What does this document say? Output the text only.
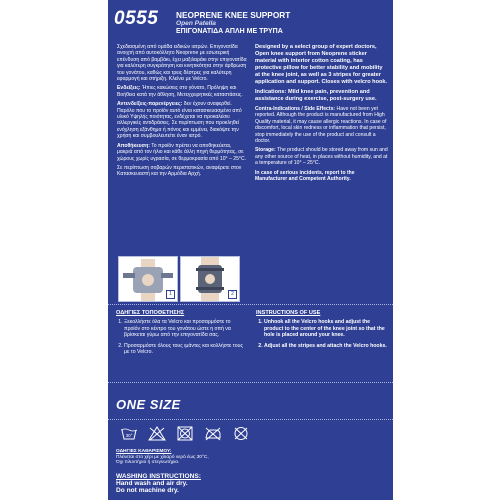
0555 NEOPRENE KNEE SUPPORT
Open Patella
ΕΠΙΓΟΝΑΤΙΔΑ ΑΠΛΗ ΜΕ ΤΡΥΠΑ

Σχεδιασμένη από ομάδα ειδικών ιατρών. Επιγονατίδα ανοιχτή από αυτοκόλλητο Neoprene με εσωτερική επένδυση από βαμβάκι, έχει μαξιλαράκι στην επιγονατίδα για καλύτερη συγκράτηση και κινητικότητα στην άρθρωση του γονάτου, καθώς και τρεις δέστρες για καλύτερη εφαρμογή και στήριξη. Κλείνει με Velcro.

Ενδείξεις: Ήπιες κακώσεις στο γόνατο, Πρόληψη και Βοήθεια κατά την άθληση, Μετεγχειρητικές καταστάσεις.

Αντενδείξεις-παρενέργειες: δεν έχουν αναφερθεί. Παρόλο που το προϊόν αυτό είναι κατασκευασμένο από υλικό Υψηλής ποιότητας, ενδέχεται να προκαλέσει αλλεργικές αντιδράσεις. Σε περίπτωση που προκληθεί ενόχληση εξάνθημα ή πόνος και εμμένει, διακόψτε την χρήση και συμβουλευτείτε έναν ιατρό.

Αποθήκευση: Το προϊόν πρέπει να αποθηκεύεται, μακριά από τον ήλιο και κάθε άλλη πηγή θερμότητας, σε χώρους χωρίς υγρασία, σε θερμοκρασία από 10° – 25°C.

Σε περίπτωση σοβαρών περιστατικών, αναφέρετε στον Κατασκευαστή και την Αρμόδια Αρχή.

Designed by a select group of expert doctors, Open knee support from Neoprene sticker material with interior cotton coating, has protective pillow for better stability and mobility at the knee joint, as well as 3 stripes for greater application and support. Closes with velcro hook.

Indications: Mild knee pain, prevention and assistance during exercise, post-surgery use.

Contra-Indications / Side Effects: Have not been yet reported. Although the product is manufactured from High Quality material, it may cause allergic reactions. In case of discomfort, local skin redness or inflammation that persist, stop immediately the use of the product and consult a doctor.

Storage: The product should be stored away from sun and any other source of heat, in places without humidity, and at a temperature of 10° – 25°C.

In case of serious incidents, report to the Manufacturer and Competent Authority.

1	2
ΟΔΗΓΙΕΣ ΤΟΠΟΘΕΤΗΣΗΣ
1. Ξεκολλήστε όλα τα Velcro και προσαρμόστε το προϊόν στο κέντρο του γονάτου ώστε η οπή να βρίσκεται γύρω από την επιγονατίδα σας.
2. Προσαρμόστε όλους τους ιμάντες και κολλήστε τους με το Velcro.
INSTRUCTIONS OF USE
1. Unhook all the Velcro hooks and adjust the product to the center of the knee joint so that the hole is placed around your knee.
2. Adjust all the stripes and attach the Velcro hooks.
ONE SIZE
30°
ΟΔΗΓΙΕΣ ΚΑΘΑΡΙΣΜΟΥ:
Πλένεται στο χέρι με χλιαρό νερό έως 30°C,
Όχι πλυντήριο ή στεγνωτήριο.
WASHING INSTRUCTIONS:
Hand wash and air dry.
Do not machine dry.
